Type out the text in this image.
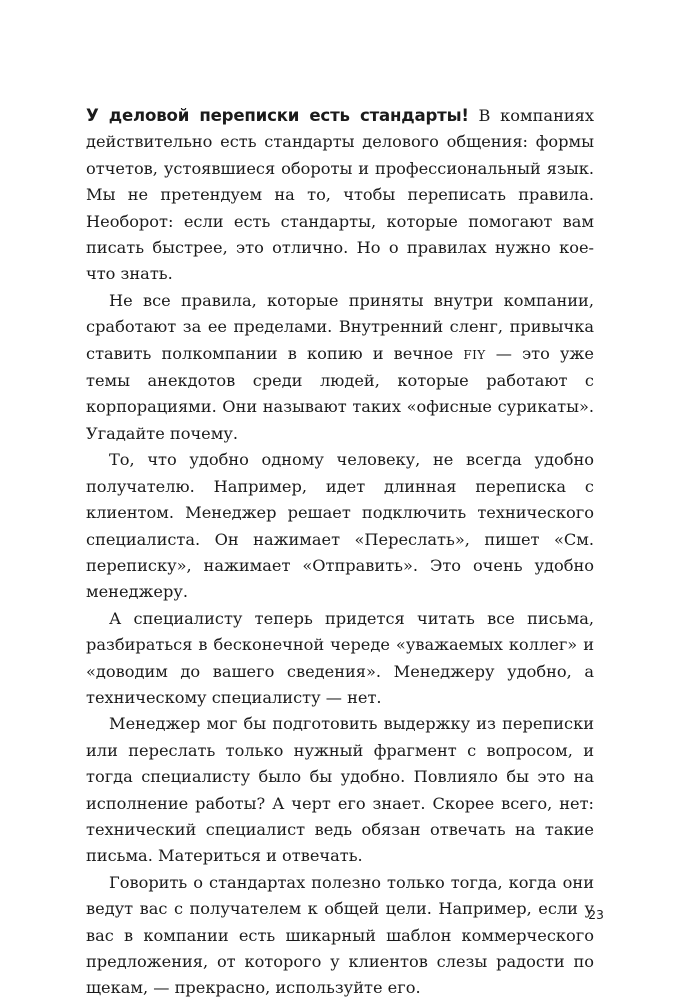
У деловой переписки есть стандарты! В компаниях действительно есть стандарты делового общения: формы отчетов, устоявшиеся обороты и профессиональный язык. Мы не претендуем на то, чтобы переписать правила. Необорот: если есть стандарты, которые помогают вам писать быстрее, это отлично. Но о правилах нужно кое-что знать.

Не все правила, которые приняты внутри компании, сработают за ее пределами. Внутренний сленг, привычка ставить полкомпании в копию и вечное FIY — это уже темы анекдотов среди людей, которые работают с корпорациями. Они называют таких «офисные сурикаты». Угадайте почему.

То, что удобно одному человеку, не всегда удобно получателю. Например, идет длинная переписка с клиентом. Менеджер решает подключить технического специалиста. Он нажимает «Переслать», пишет «См. переписку», нажимает «Отправить». Это очень удобно менеджеру.

А специалисту теперь придется читать все письма, разбираться в бесконечной череде «уважаемых коллег» и «доводим до вашего сведения». Менеджеру удобно, а техническому специалисту — нет.

Менеджер мог бы подготовить выдержку из переписки или переслать только нужный фрагмент с вопросом, и тогда специалисту было бы удобно. Повлияло бы это на исполнение работы? А черт его знает. Скорее всего, нет: технический специалист ведь обязан отвечать на такие письма. Материться и отвечать.

Говорить о стандартах полезно только тогда, когда они ведут вас с получателем к общей цели. Например, если у вас в компании есть шикарный шаблон коммерческого предложения, от которого у клиентов слезы радости по щекам, — прекрасно, используйте его.

23
